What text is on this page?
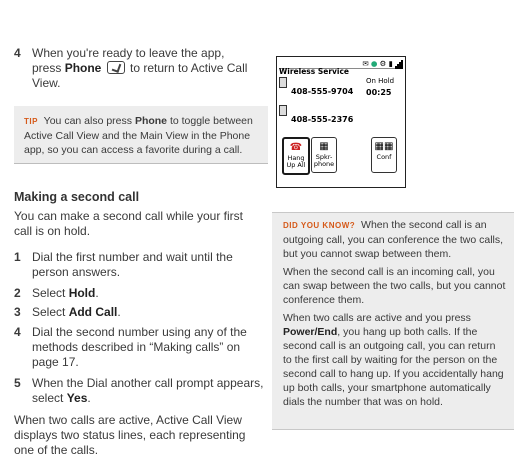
4 When you're ready to leave the app,
press Phone  to return to Active Call
View.
TIP You can also press Phone to toggle between Active Call View and the Main View in the Phone app, so you can access a favorite during a call.
Making a second call
You can make a second call while your first call is on hold.
1 Dial the first number and wait until the person answers.
2 Select Hold.
3 Select Add Call.
4 Dial the second number using any of the methods described in “Making calls” on page 17.
5 When the Dial another call prompt appears, select Yes.
When two calls are active, Active Call View displays two status lines, each representing one of the calls.
Wireless Service
✉ ● ⚙ ▮
On Hold
408-555-9704 00:25
408-555-2376
☎
Hang
Up All
▦
Spkr-
phone
▦▦
Conf

DID YOU KNOW? When the second call is an outgoing call, you can conference the two calls, but you cannot swap between them.

When the second call is an incoming call, you can swap between the two calls, but you cannot conference them.

When two calls are active and you press Power/End, you hang up both calls. If the second call is an outgoing call, you can return to the first call by waiting for the person on the second call to hang up. If you accidentally hang up both calls, your smartphone automatically dials the number that was on hold.
